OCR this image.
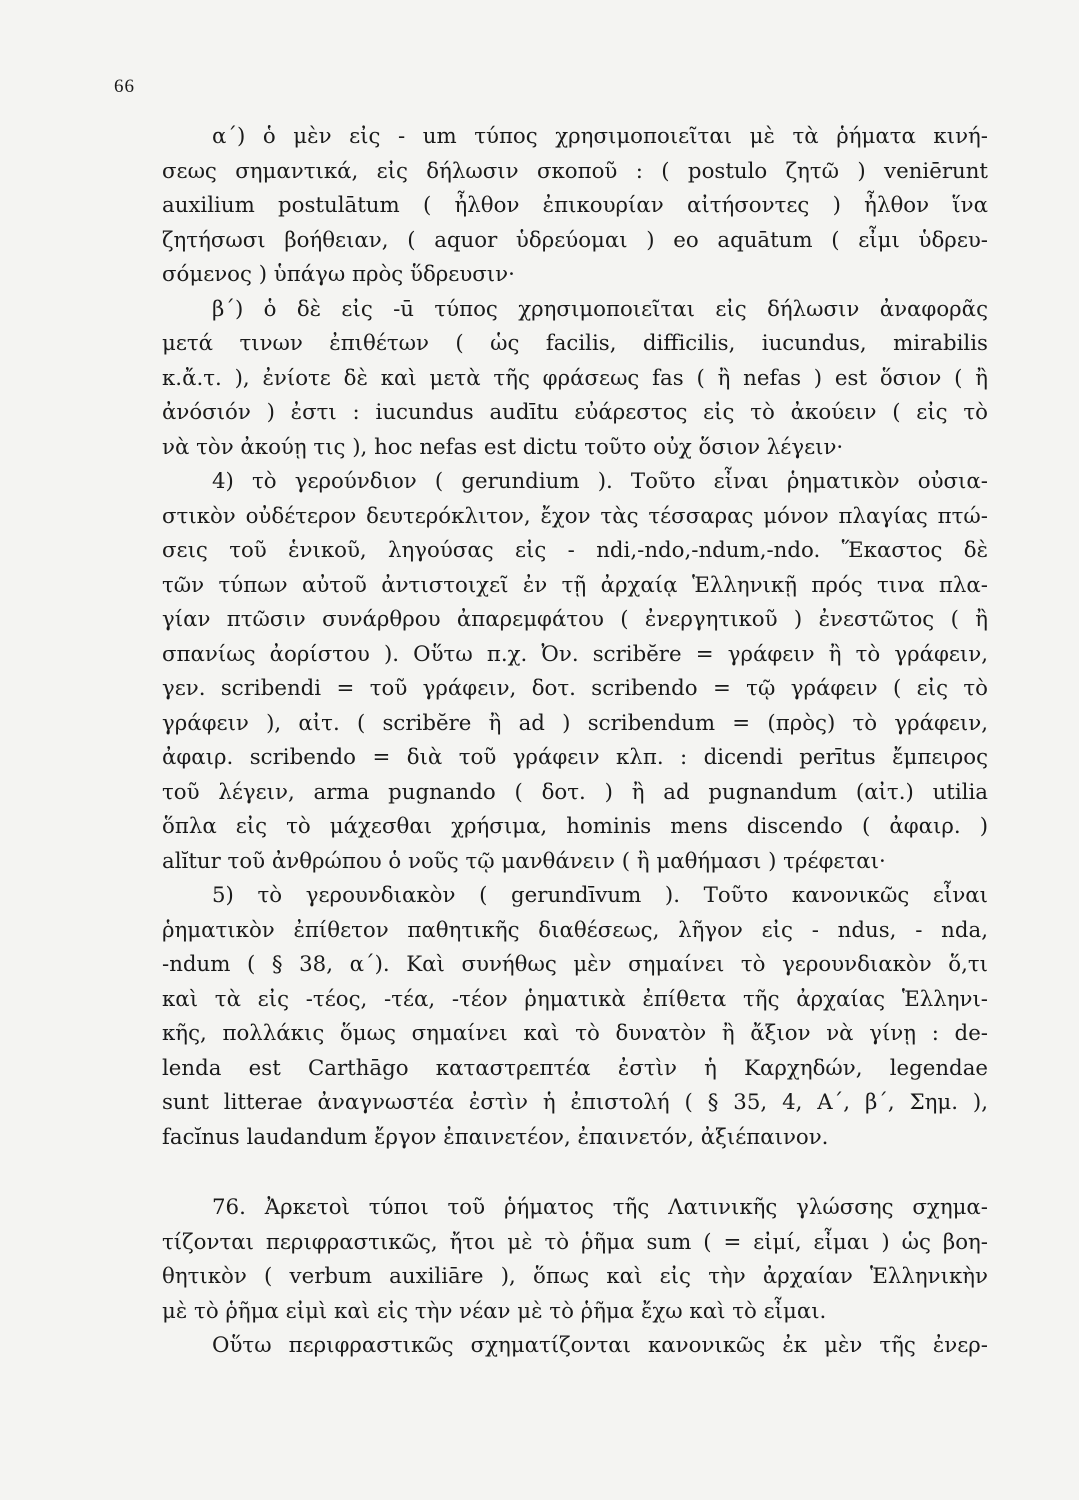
66
α΄) ὁ μὲν εἰς - um τύπος χρησιμοποιεῖται μὲ τὰ ῥήματα κινή-
σεως σημαντικά, εἰς δήλωσιν σκοποῦ : ( postulo ζητῶ ) veniērunt
auxilium postulātum ( ἦλθον ἐπικουρίαν αἰτήσοντες ) ἦλθον ἵνα
ζητήσωσι βοήθειαν, ( aquor ὑδρεύομαι ) eo aquātum ( εἶμι ὑδρευ-
σόμενος ) ὑπάγω πρὸς ὕδρευσιν·
β΄) ὁ δὲ εἰς -ū τύπος χρησιμοποιεῖται εἰς δήλωσιν ἀναφορᾶς
μετά τινων ἐπιθέτων ( ὡς facilis, difficilis, iucundus, mirabilis
κ.ἄ.τ. ), ἐνίοτε δὲ καὶ μετὰ τῆς φράσεως fas ( ἢ nefas ) est ὅσιον ( ἢ
ἀνόσιόν ) ἐστι : iucundus audītu εὐάρεστος εἰς τὸ ἀκούειν ( εἰς τὸ
νὰ τὸν ἀκούῃ τις ), hoc nefas est dictu τοῦτο οὐχ ὅσιον λέγειν·
4) τὸ γερούνδιον ( gerundium ). Τοῦτο εἶναι ῥηματικὸν οὐσια-
στικὸν οὐδέτερον δευτερόκλιτον, ἔχον τὰς τέσσαρας μόνον πλαγίας πτώ-
σεις τοῦ ἑνικοῦ, ληγούσας εἰς - ndi,-ndo,-ndum,-ndo. Ἕκαστος δὲ
τῶν τύπων αὐτοῦ ἀντιστοιχεῖ ἐν τῇ ἀρχαίᾳ Ἑλληνικῇ πρός τινα πλα-
γίαν πτῶσιν συνάρθρου ἀπαρεμφάτου ( ἐνεργητικοῦ ) ἐνεστῶτος ( ἢ
σπανίως ἀορίστου ). Οὕτω π.χ. Ὀν. scribĕre = γράφειν ἢ τὸ γράφειν,
γεν. scribendi = τοῦ γράφειν, δοτ. scribendo = τῷ γράφειν ( εἰς τὸ
γράφειν ), αἰτ. ( scribĕre ἢ ad ) scribendum = (πρὸς) τὸ γράφειν,
ἀφαιρ. scribendo = διὰ τοῦ γράφειν κλπ. : dicendi perītus ἔμπειρος
τοῦ λέγειν, arma pugnando ( δοτ. ) ἢ ad pugnandum (αἰτ.) utilia
ὅπλα εἰς τὸ μάχεσθαι χρήσιμα, hominis mens discendo ( ἀφαιρ. )
alĭtur τοῦ ἀνθρώπου ὁ νοῦς τῷ μανθάνειν ( ἢ μαθήμασι ) τρέφεται·
5) τὸ γερουνδιακὸν ( gerundīvum ). Τοῦτο κανονικῶς εἶναι
ῥηματικὸν ἐπίθετον παθητικῆς διαθέσεως, λῆγον εἰς - ndus, - nda,
-ndum ( § 38, α΄). Καὶ συνήθως μὲν σημαίνει τὸ γερουνδιακὸν ὅ,τι
καὶ τὰ εἰς -τέος, -τέα, -τέον ῥηματικὰ ἐπίθετα τῆς ἀρχαίας Ἑλληνι-
κῆς, πολλάκις ὅμως σημαίνει καὶ τὸ δυνατὸν ἢ ἄξιον νὰ γίνῃ : de-
lenda est Carthāgo καταστρεπτέα ἐστὶν ἡ Καρχηδών, legendae
sunt litterae ἀναγνωστέα ἐστὶν ἡ ἐπιστολή ( § 35, 4, Α΄, β΄, Σημ. ),
facĭnus laudandum ἔργον ἐπαινετέον, ἐπαινετόν, ἀξιέπαινον.
76. Ἀρκετοὶ τύποι τοῦ ῥήματος τῆς Λατινικῆς γλώσσης σχημα-
τίζονται περιφραστικῶς, ἤτοι μὲ τὸ ῥῆμα sum ( = εἰμί, εἶμαι ) ὡς βοη-
θητικὸν ( verbum auxiliāre ), ὅπως καὶ εἰς τὴν ἀρχαίαν Ἑλληνικὴν
μὲ τὸ ῥῆμα εἰμὶ καὶ εἰς τὴν νέαν μὲ τὸ ῥῆμα ἔχω καὶ τὸ εἶμαι.
Οὕτω περιφραστικῶς σχηματίζονται κανονικῶς ἐκ μὲν τῆς ἐνερ-
